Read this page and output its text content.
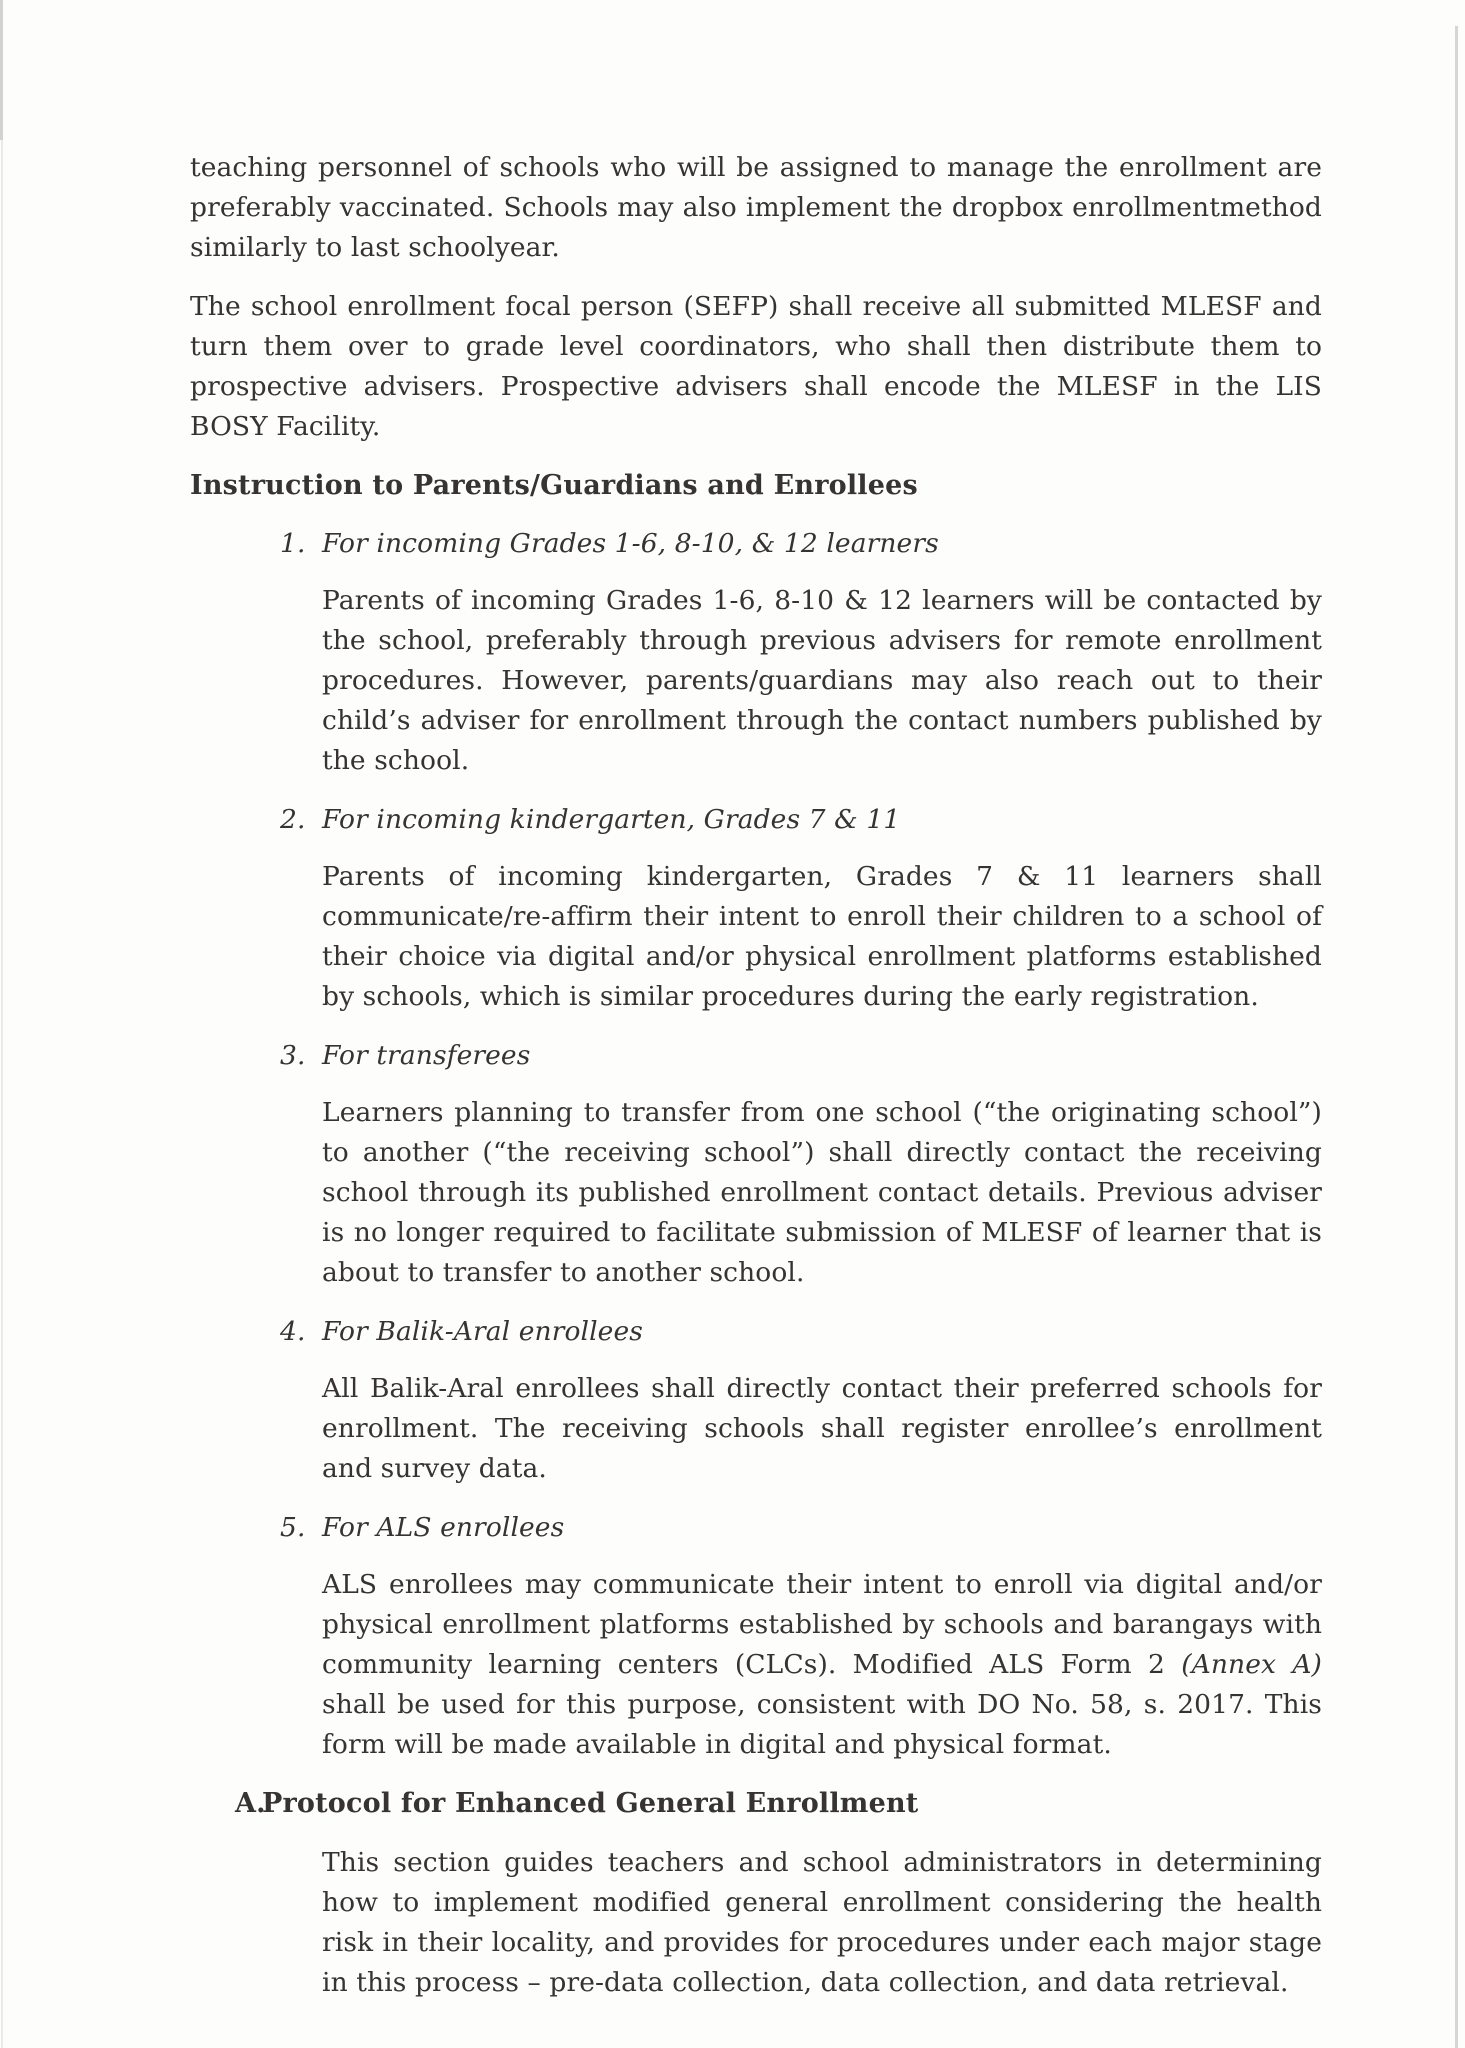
teaching personnel of schools who will be assigned to manage the enrollment are preferably vaccinated. Schools may also implement the dropbox enrollmentmethod similarly to last schoolyear.

The school enrollment focal person (SEFP) shall receive all submitted MLESF and turn them over to grade level coordinators, who shall then distribute them to prospective advisers. Prospective advisers shall encode the MLESF in the LIS BOSY Facility.

Instruction to Parents/Guardians and Enrollees
1. For incoming Grades 1-6, 8-10, & 12 learners

Parents of incoming Grades 1-6, 8-10 & 12 learners will be contacted by the school, preferably through previous advisers for remote enrollment procedures. However, parents/guardians may also reach out to their child’s adviser for enrollment through the contact numbers published by the school.

2. For incoming kindergarten, Grades 7 & 11

Parents of incoming kindergarten, Grades 7 & 11 learners shall communicate/re-affirm their intent to enroll their children to a school of their choice via digital and/or physical enrollment platforms established by schools, which is similar procedures during the early registration.

3. For transferees

Learners planning to transfer from one school (“the originating school”) to another (“the receiving school”) shall directly contact the receiving school through its published enrollment contact details. Previous adviser is no longer required to facilitate submission of MLESF of learner that is about to transfer to another school.

4. For Balik-Aral enrollees

All Balik-Aral enrollees shall directly contact their preferred schools for enrollment. The receiving schools shall register enrollee’s enrollment and survey data.

5. For ALS enrollees

ALS enrollees may communicate their intent to enroll via digital and/or physical enrollment platforms established by schools and barangays with community learning centers (CLCs). Modified ALS Form 2 (Annex A) shall be used for this purpose, consistent with DO No. 58, s. 2017. This form will be made available in digital and physical format.

A.Protocol for Enhanced General Enrollment

This section guides teachers and school administrators in determining how to implement modified general enrollment considering the health risk in their locality, and provides for procedures under each major stage in this process – pre-data collection, data collection, and data retrieval.
